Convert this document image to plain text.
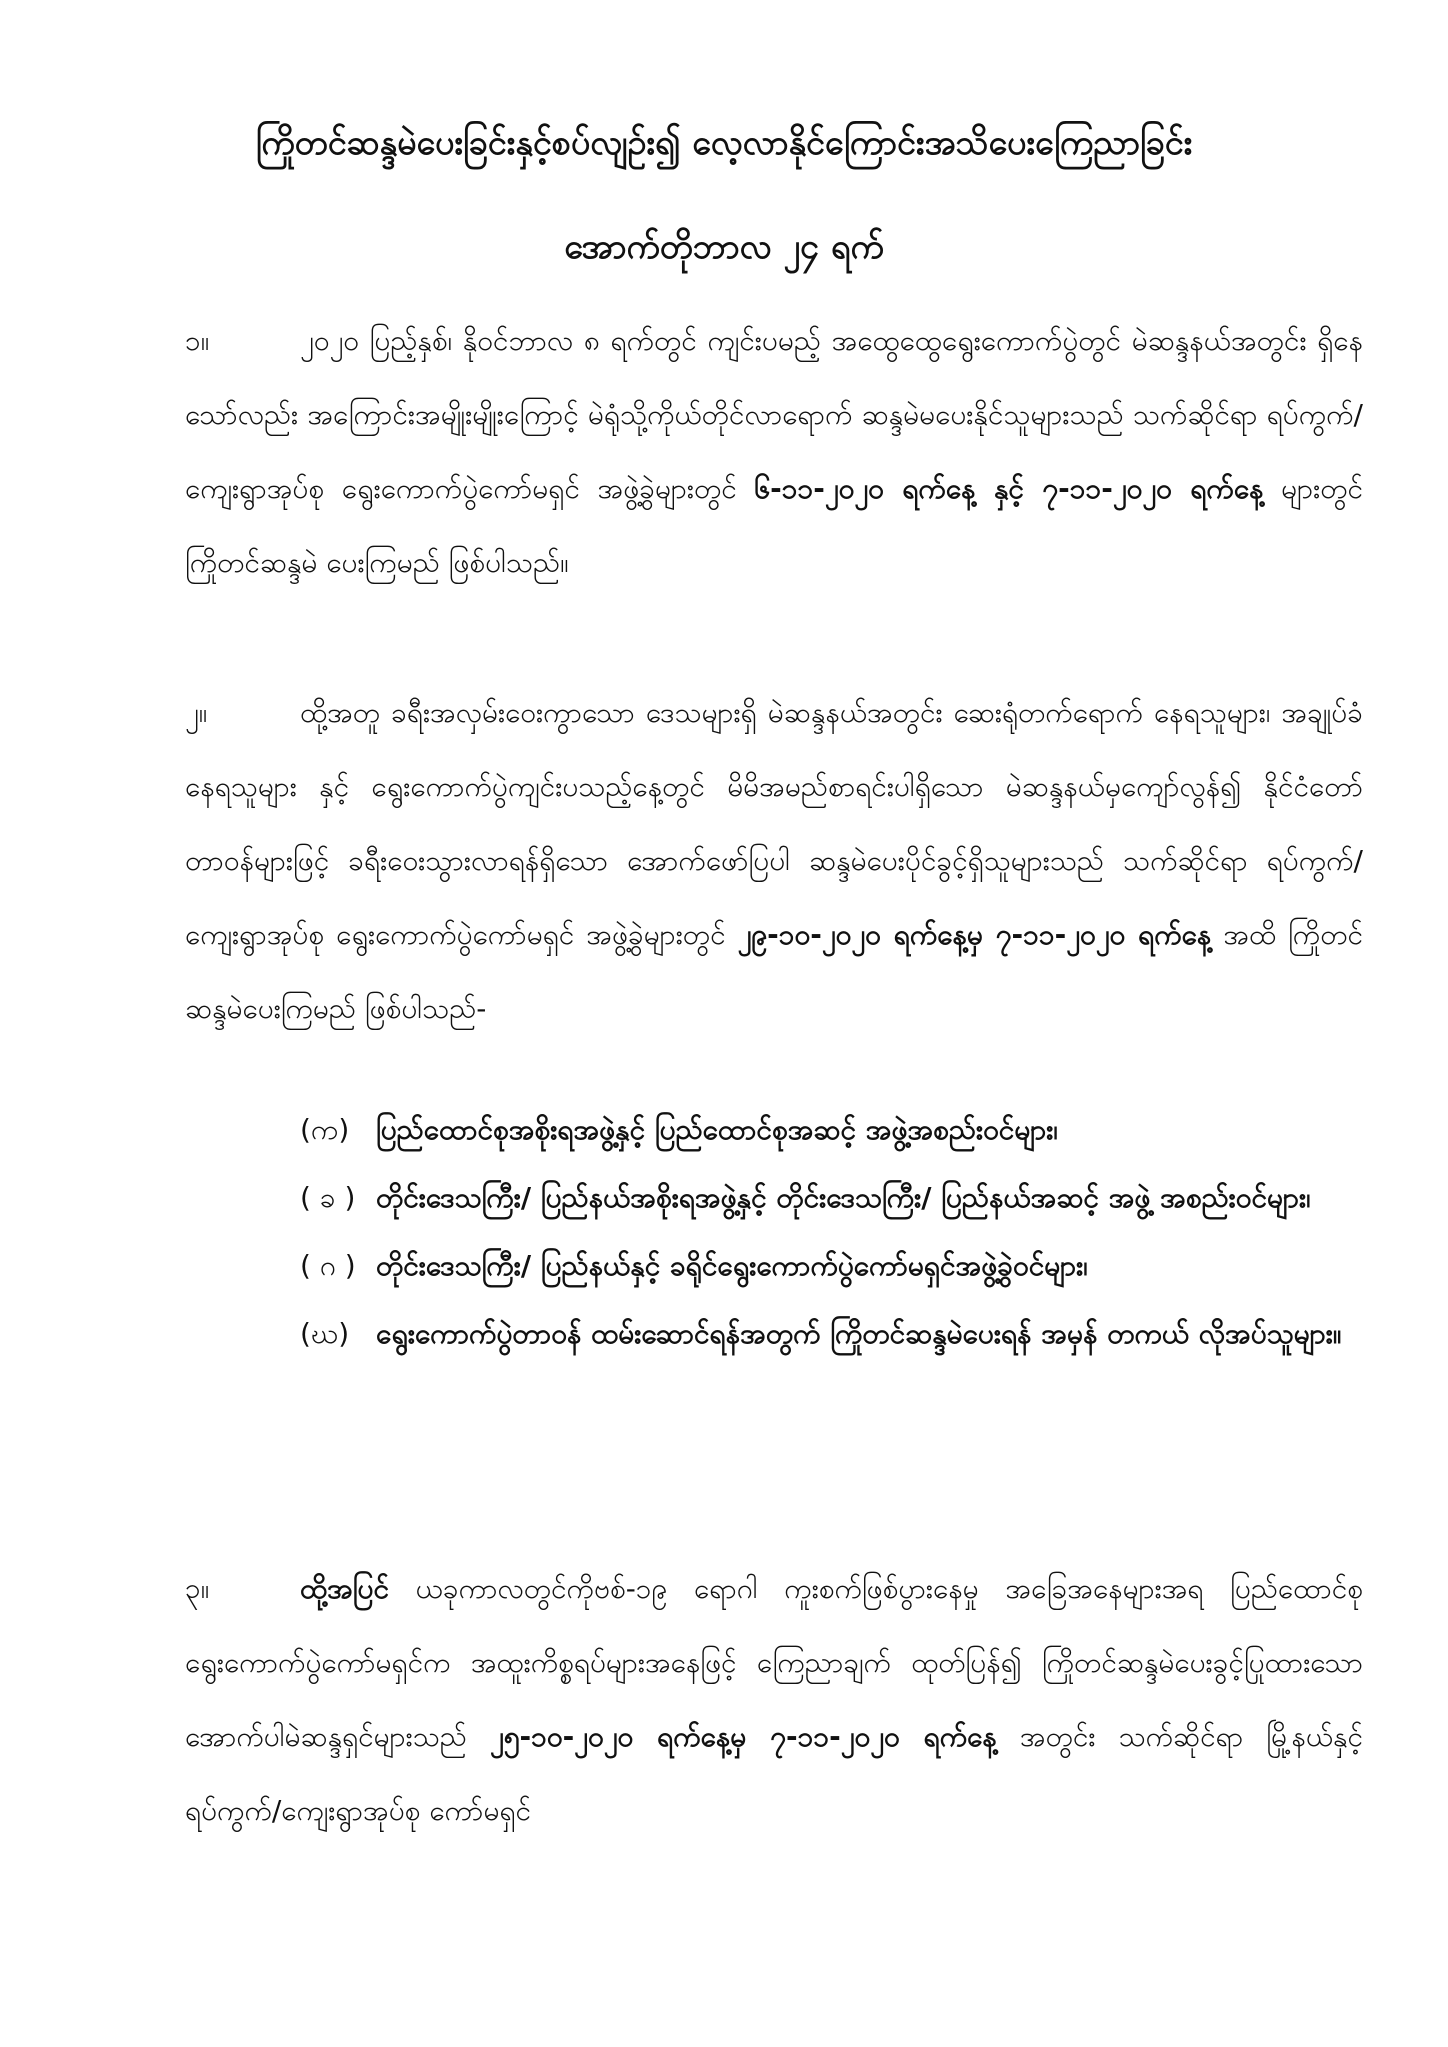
ကြိုတင်ဆန္ဒမဲပေးခြင်းနှင့်စပ်လျဉ်း၍ လေ့လာနိုင်ကြောင်းအသိပေးကြေညာခြင်း
အောက်တိုဘာလ ၂၄ ရက်
၁။	၂၀၂၀ ပြည့်နှစ်၊ နိုဝင်ဘာလ ၈ ရက်တွင် ကျင်းပမည့် အထွေထွေရွေးကောက်ပွဲတွင် မဲဆန္ဒနယ်အတွင်း ရှိနေသော်လည်း အကြောင်းအမျိုးမျိုးကြောင့် မဲရုံသို့ကိုယ်တိုင်လာရောက် ဆန္ဒမဲမပေးနိုင်သူများသည် သက်ဆိုင်ရာ ရပ်ကွက်/ကျေးရွာအုပ်စု ရွေးကောက်ပွဲကော်မရှင် အဖွဲ့ခွဲများတွင် ၆-၁၁-၂၀၂၀ ရက်နေ့ နှင့် ၇-၁၁-၂၀၂၀ ရက်နေ့ များတွင် ကြိုတင်ဆန္ဒမဲ ပေးကြမည် ဖြစ်ပါသည်။
၂။	ထို့အတူ ခရီးအလှမ်းဝေးကွာသော ဒေသများရှိ မဲဆန္ဒနယ်အတွင်း ဆေးရုံတက်ရောက် နေရသူများ၊ အချုပ်ခံနေရသူများ နှင့် ရွေးကောက်ပွဲကျင်းပသည့်နေ့တွင် မိမိအမည်စာရင်းပါရှိသော မဲဆန္ဒနယ်မှကျော်လွန်၍ နိုင်ငံတော်တာဝန်များဖြင့် ခရီးဝေးသွားလာရန်ရှိသော အောက်ဖော်ပြပါ ဆန္ဒမဲပေးပိုင်ခွင့်ရှိသူများသည် သက်ဆိုင်ရာ ရပ်ကွက်/ကျေးရွာအုပ်စု ရွေးကောက်ပွဲကော်မရှင် အဖွဲ့ခွဲများတွင် ၂၉-၁၀-၂၀၂၀ ရက်နေ့မှ ၇-၁၁-၂၀၂၀ ရက်နေ့ အထိ ကြိုတင်ဆန္ဒမဲပေးကြမည် ဖြစ်ပါသည်-
(က) ပြည်ထောင်စုအစိုးရအဖွဲ့နှင့် ပြည်ထောင်စုအဆင့် အဖွဲ့အစည်းဝင်များ၊
( ခ ) တိုင်းဒေသကြီး/ ပြည်နယ်အစိုးရအဖွဲ့နှင့် တိုင်းဒေသကြီး/ ပြည်နယ်အဆင့် အဖွဲ့ အစည်းဝင်များ၊
( ဂ ) တိုင်းဒေသကြီး/ ပြည်နယ်နှင့် ခရိုင်ရွေးကောက်ပွဲကော်မရှင်အဖွဲ့ခွဲဝင်များ၊
(ဃ) ရွေးကောက်ပွဲတာဝန် ထမ်းဆောင်ရန်အတွက် ကြိုတင်ဆန္ဒမဲပေးရန် အမှန် တကယ် လိုအပ်သူများ။
၃။	ထို့အပြင် ယခုကာလတွင်ကိုဗစ်-၁၉ ရောဂါ ကူးစက်ဖြစ်ပွားနေမှု အခြေအနေများအရ ပြည်ထောင်စုရွေးကောက်ပွဲကော်မရှင်က အထူးကိစ္စရပ်များအနေဖြင့် ကြေညာချက် ထုတ်ပြန်၍ ကြိုတင်ဆန္ဒမဲပေးခွင့်ပြုထားသော အောက်ပါမဲဆန္ဒရှင်များသည် ၂၅-၁၀-၂၀၂၀ ရက်နေ့မှ ၇-၁၁-၂၀၂၀ ရက်နေ့ အတွင်း သက်ဆိုင်ရာ မြို့နယ်နှင့် ရပ်ကွက်/ကျေးရွာအုပ်စု ကော်မရှင်
